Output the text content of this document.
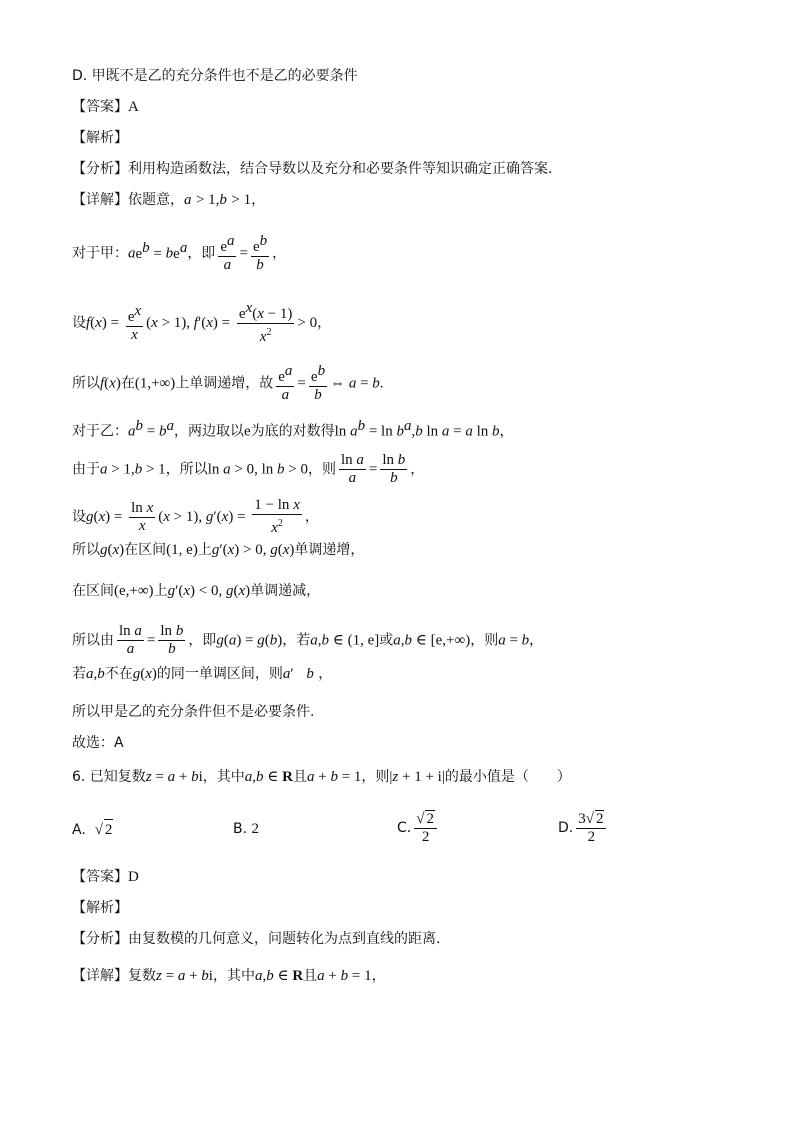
D. 甲既不是乙的充分条件也不是乙的必要条件
【答案】A
【解析】
【分析】利用构造函数法，结合导数以及充分和必要条件等知识确定正确答案.
【详解】依题意，a > 1,b > 1，
对于甲：$ae^b = be^a$，即 $\frac{e^a}{a} = \frac{e^b}{b}$ ，
设$f(x) = \frac{e^x}{x} (x > 1)$, $f'(x) = \frac{e^x(x - 1)}{x^2} > 0$，
所以f(x)在(1,+∞)上单调递增，故 $\frac{e^a}{a} = \frac{e^b}{b}$ ⇔ a = b.
对于乙：$a^b = b^a$，两边取以e为底的对数得$\ln a^b = \ln b^a,b$ ln a = a ln b，
由于a > 1,b > 1，所以ln a > 0, ln b > 0，则 $\frac{\text{ln a}}{a} = \frac{\text{ln b}}{b}$ ，
设$g(x) = \frac{\text{ln x}}{x} (x > 1)$, $g'(x) = \frac{\text{1 − ln x}}{x^2}$ ，
所以g(x)在区间(1, e)上g′(x) > 0, g(x)单调递增，
在区间(e,+∞)上g′(x) < 0, g(x)单调递减，
所以由 $\frac{\text{ln a}}{a} = \frac{\text{ln b}}{b}$ ，即g(a) = g(b)，若a,b ∈ (1, e]或a,b ∈ [e,+∞)，则a = b，
若a,b不在g(x)的同一单调区间，则a′   b ，
所以甲是乙的充分条件但不是必要条件.
故选：A
6. 已知复数z = a + bi，其中a,b ∈ R且a + b = 1，则|z + 1 + i|的最小值是（　　）
A. √ 2	B. 2	C. $\frac{√ 2}{2}$	D. $\frac{3√ 2}{2}$
【答案】D
【解析】
【分析】由复数模的几何意义，问题转化为点到直线的距离.
【详解】复数z = a + bi，其中a,b ∈ R且a + b = 1，
